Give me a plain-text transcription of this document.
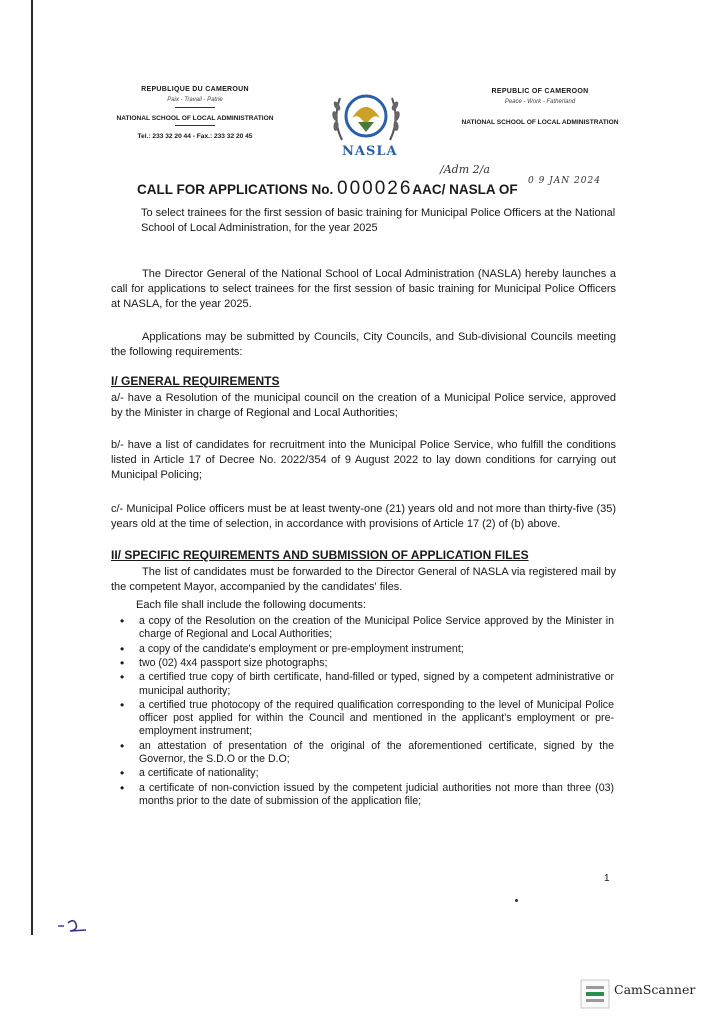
REPUBLIQUE DU CAMEROUN
Paix - Travail - Patrie
NATIONAL SCHOOL OF LOCAL ADMINISTRATION
Tel.: 233 32 20 44 - Fax.: 233 32 20 45
NASLA
REPUBLIC OF CAMEROON
Peace - Work - Fatherland
NATIONAL SCHOOL OF LOCAL ADMINISTRATION
/Adm 2/a
CALL FOR APPLICATIONS No. 000026AAC/ NASLA OF
0 9 JAN 2024
To select trainees for the first session of basic training for Municipal Police Officers at the National School of Local Administration, for the year 2025
The Director General of the National School of Local Administration (NASLA) hereby launches a call for applications to select trainees for the first session of basic training for Municipal Police Officers at NASLA, for the year 2025.
Applications may be submitted by Councils, City Councils, and Sub-divisional Councils meeting the following requirements:
I/ GENERAL REQUIREMENTS
a/- have a Resolution of the municipal council on the creation of a Municipal Police service, approved by the Minister in charge of Regional and Local Authorities;
b/- have a list of candidates for recruitment into the Municipal Police Service, who fulfill the conditions listed in Article 17 of Decree No. 2022/354 of 9 August 2022 to lay down conditions for carrying out Municipal Policing;
c/- Municipal Police officers must be at least twenty-one (21) years old and not more than thirty-five (35) years old at the time of selection, in accordance with provisions of Article 17 (2) of (b) above.
II/ SPECIFIC REQUIREMENTS AND SUBMISSION OF APPLICATION FILES
The list of candidates must be forwarded to the Director General of NASLA via registered mail by the competent Mayor, accompanied by the candidates' files.
Each file shall include the following documents:
• a copy of the Resolution on the creation of the Municipal Police Service approved by the Minister in charge of Regional and Local Authorities;
• a copy of the candidate's employment or pre-employment instrument;
• two (02) 4x4 passport size photographs;
• a certified true copy of birth certificate, hand-filled or typed, signed by a competent administrative or municipal authority;
• a certified true photocopy of the required qualification corresponding to the level of Municipal Police officer post applied for within the Council and mentioned in the applicant's employment or pre-employment instrument;
• an attestation of presentation of the original of the aforementioned certificate, signed by the Governor, the S.D.O or the D.O;
• a certificate of nationality;
• a certificate of non-conviction issued by the competent judicial authorities not more than three (03) months prior to the date of submission of the application file;
1
CamScanner
